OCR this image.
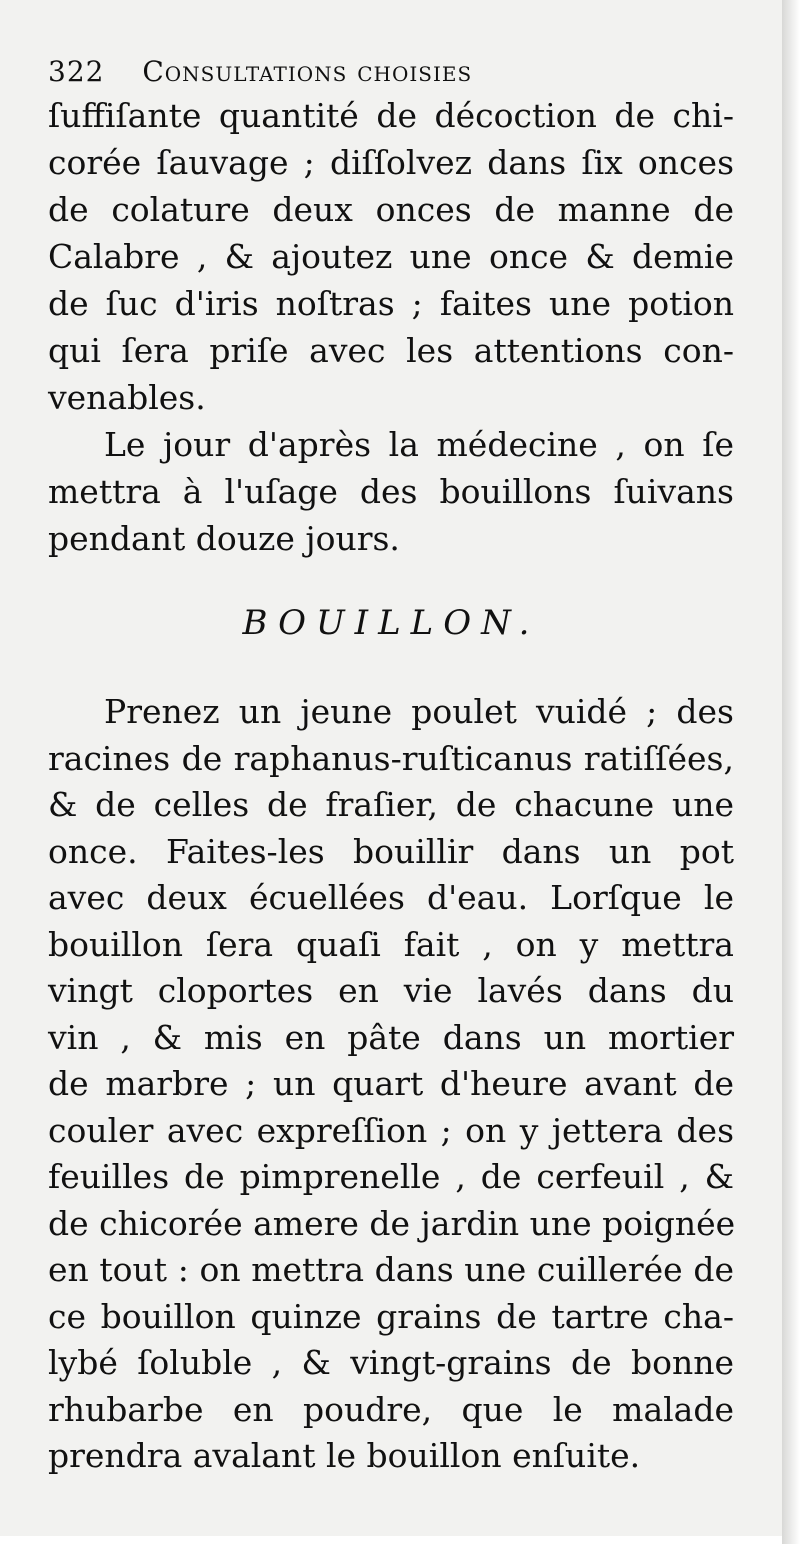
322 Consultations choisies
ſuffiſante quantité de décoction de chi-
corée ſauvage ; diſſolvez dans ſix onces
de colature deux onces de manne de
Calabre , & ajoutez une once & demie
de ſuc d'iris noſtras ; faites une potion
qui ſera priſe avec les attentions con-
venables.
Le jour d'après la médecine , on ſe
mettra à l'uſage des bouillons ſuivans
pendant douze jours.
BOUILLON.
Prenez un jeune poulet vuidé ; des
racines de raphanus-ruſticanus ratiſſées,
& de celles de fraſier, de chacune une
once. Faites-les bouillir dans un pot
avec deux écuellées d'eau. Lorſque le
bouillon ſera quaſi fait , on y mettra
vingt cloportes en vie lavés dans du
vin , & mis en pâte dans un mortier
de marbre ; un quart d'heure avant de
couler avec expreſſion ; on y jettera des
feuilles de pimprenelle , de cerfeuil , &
de chicorée amere de jardin une poignée
en tout : on mettra dans une cuillerée de
ce bouillon quinze grains de tartre cha-
lybé ſoluble , & vingt-grains de bonne
rhubarbe en poudre, que le malade
prendra avalant le bouillon enſuite.
